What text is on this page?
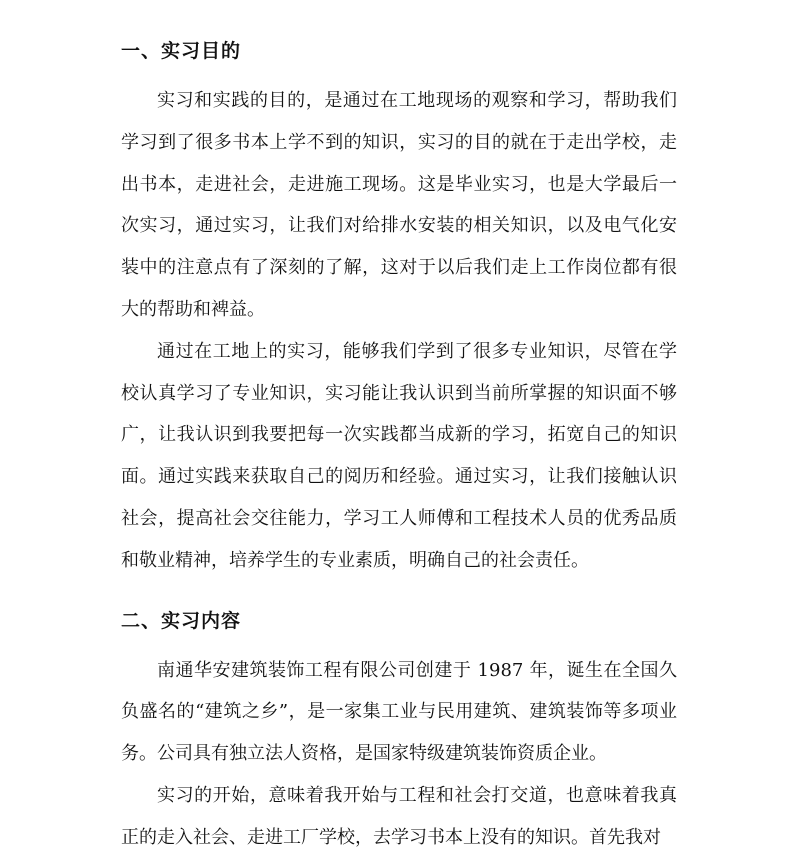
一、实习目的

实习和实践的目的，是通过在工地现场的观察和学习，帮助我们学习到了很多书本上学不到的知识，实习的目的就在于走出学校，走出书本，走进社会，走进施工现场。这是毕业实习，也是大学最后一次实习，通过实习，让我们对给排水安装的相关知识，以及电气化安装中的注意点有了深刻的了解，这对于以后我们走上工作岗位都有很大的帮助和裨益。

通过在工地上的实习，能够我们学到了很多专业知识，尽管在学校认真学习了专业知识，实习能让我认识到当前所掌握的知识面不够广，让我认识到我要把每一次实践都当成新的学习，拓宽自己的知识面。通过实践来获取自己的阅历和经验。通过实习，让我们接触认识社会，提高社会交往能力，学习工人师傅和工程技术人员的优秀品质和敬业精神，培养学生的专业素质，明确自己的社会责任。

二、实习内容

南通华安建筑装饰工程有限公司创建于 1987 年，诞生在全国久负盛名的“建筑之乡”，是一家集工业与民用建筑、建筑装饰等多项业务。公司具有独立法人资格，是国家特级建筑装饰资质企业。

实习的开始，意味着我开始与工程和社会打交道，也意味着我真正的走入社会、走进工厂学校，去学习书本上没有的知识。首先我对
